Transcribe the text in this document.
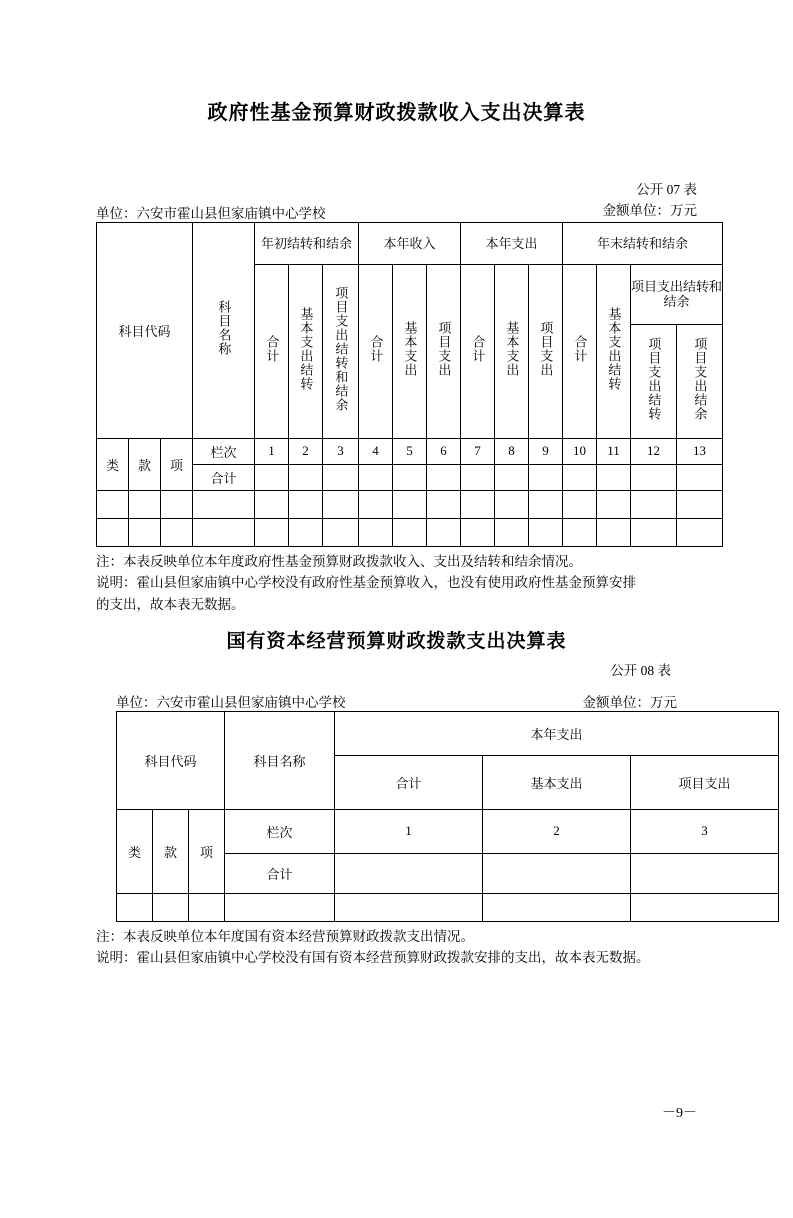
政府性基金预算财政拨款收入支出决算表
单位：六安市霍山县但家庙镇中心学校
公开 07 表
金额单位：万元
科目代码			科目名称	年初结转和结余			本年收入			本年支出			年末结转和结余			
				合计	基本支出结转	项目支出结转和结余	合计	基本支出	项目支出	合计	基本支出	项目支出	合计	基本支出结转	项目支出结转和结余	
															项目支出结转	项目支出结余

类	款	项	栏次	1	2	3	4	5	6	7	8	9	10	11	12	13
			合计													

注：本表反映单位本年度政府性基金预算财政拨款收入、支出及结转和结余情况。
说明：霍山县但家庙镇中心学校没有政府性基金预算收入，也没有使用政府性基金预算安排
的支出，故本表无数据。
国有资本经营预算财政拨款支出决算表
公开 08 表
单位：六安市霍山县但家庙镇中心学校	金额单位：万元
科目代码			科目名称	本年支出		
				合计	基本支出	项目支出
类	款	项	栏次	1	2	3
			合计			

注：本表反映单位本年度国有资本经营预算财政拨款支出情况。
说明：霍山县但家庙镇中心学校没有国有资本经营预算财政拨款安排的支出，故本表无数据。
－9－
